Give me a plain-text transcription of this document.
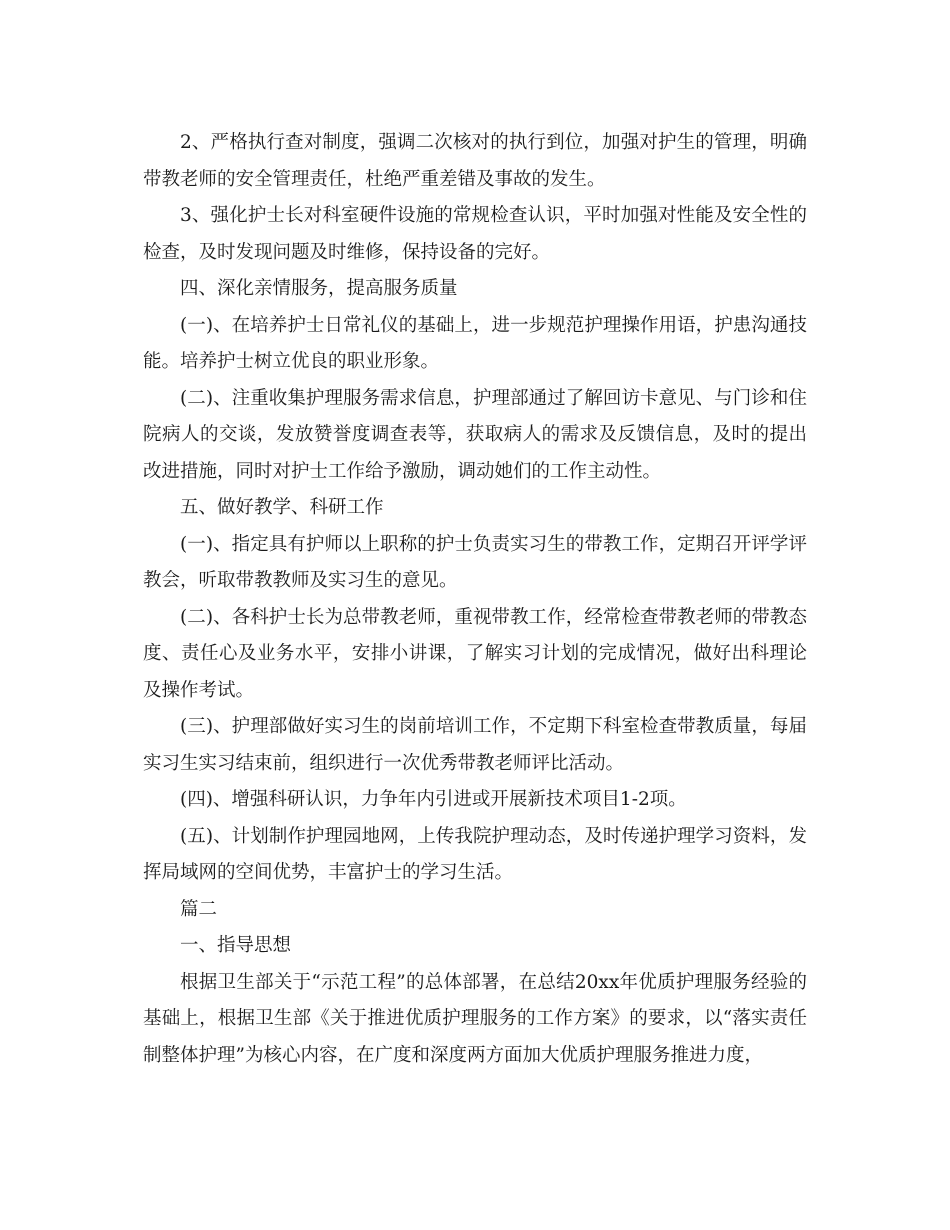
2、严格执行查对制度，强调二次核对的执行到位，加强对护生的管理，明确带教老师的安全管理责任，杜绝严重差错及事故的发生。

3、强化护士长对科室硬件设施的常规检查认识，平时加强对性能及安全性的检查，及时发现问题及时维修，保持设备的完好。

四、深化亲情服务，提高服务质量

(一)、在培养护士日常礼仪的基础上，进一步规范护理操作用语，护患沟通技能。培养护士树立优良的职业形象。

(二)、注重收集护理服务需求信息，护理部通过了解回访卡意见、与门诊和住院病人的交谈，发放赞誉度调查表等，获取病人的需求及反馈信息，及时的提出改进措施，同时对护士工作给予激励，调动她们的工作主动性。

五、做好教学、科研工作

(一)、指定具有护师以上职称的护士负责实习生的带教工作，定期召开评学评教会，听取带教教师及实习生的意见。

(二)、各科护士长为总带教老师，重视带教工作，经常检查带教老师的带教态度、责任心及业务水平，安排小讲课，了解实习计划的完成情况，做好出科理论及操作考试。

(三)、护理部做好实习生的岗前培训工作，不定期下科室检查带教质量，每届实习生实习结束前，组织进行一次优秀带教老师评比活动。

(四)、增强科研认识，力争年内引进或开展新技术项目1-2项。

(五)、计划制作护理园地网，上传我院护理动态，及时传递护理学习资料，发挥局域网的空间优势，丰富护士的学习生活。

篇二

一、指导思想

根据卫生部关于“示范工程”的总体部署，在总结20xx年优质护理服务经验的基础上，根据卫生部《关于推进优质护理服务的工作方案》的要求，以“落实责任制整体护理”为核心内容，在广度和深度两方面加大优质护理服务推进力度，
